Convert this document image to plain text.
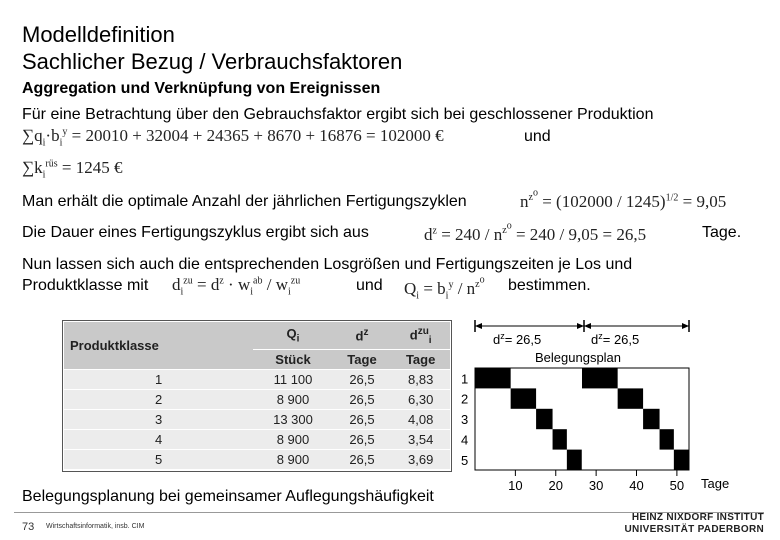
Modelldefinition
Sachlicher Bezug / Verbrauchsfaktoren
Aggregation und Verknüpfung von Ereignissen
Für eine Betrachtung über den Gebrauchsfaktor ergibt sich bei geschlossener Produktion
$\sum q_i\cdot b_i^y = 20010 + 32004 + 24365 + 8670 + 16876 = 102000$ €	und
$\sum k_i^{rüs} = 1245$ €
Man erhält die optimale Anzahl der jährlichen Fertigungszyklen	$n^{z^o} = (102000 / 1245)^{1/2} = 9,05$
Die Dauer eines Fertigungszyklus ergibt sich aus	$d^z = 240 / n^{z^o} = 240 / 9,05 = 26,5$	Tage.
Nun lassen sich auch die entsprechenden Losgrößen und Fertigungszeiten je Los und
Produktklasse mit $d_i^{zu} = d^z \cdot w_i^{ab} / w_i^{zu}$	und $Q_i = b_i^y / n^{z^o}$ bestimmen.
Produktklasse	$Q_i$	$d^z$	$d^{zu}_i$
	Stück	Tage	Tage
1	11 100	26,5	8,83
2	8 900	26,5	6,30
3	13 300	26,5	4,08
4	8 900	26,5	3,54
5	8 900	26,5	3,69
$d^z= 26,5$	$d^z= 26,5$
Belegungsplan
1
2
3
4
5
10 20 30 40 50 Tage
Belegungsplanung bei gemeinsamer Auflegungshäufigkeit
73 Wirtschaftsinformatik, insb. CIM
HEINZ NIXDORF INSTITUT
UNIVERSITÄT PADERBORN
